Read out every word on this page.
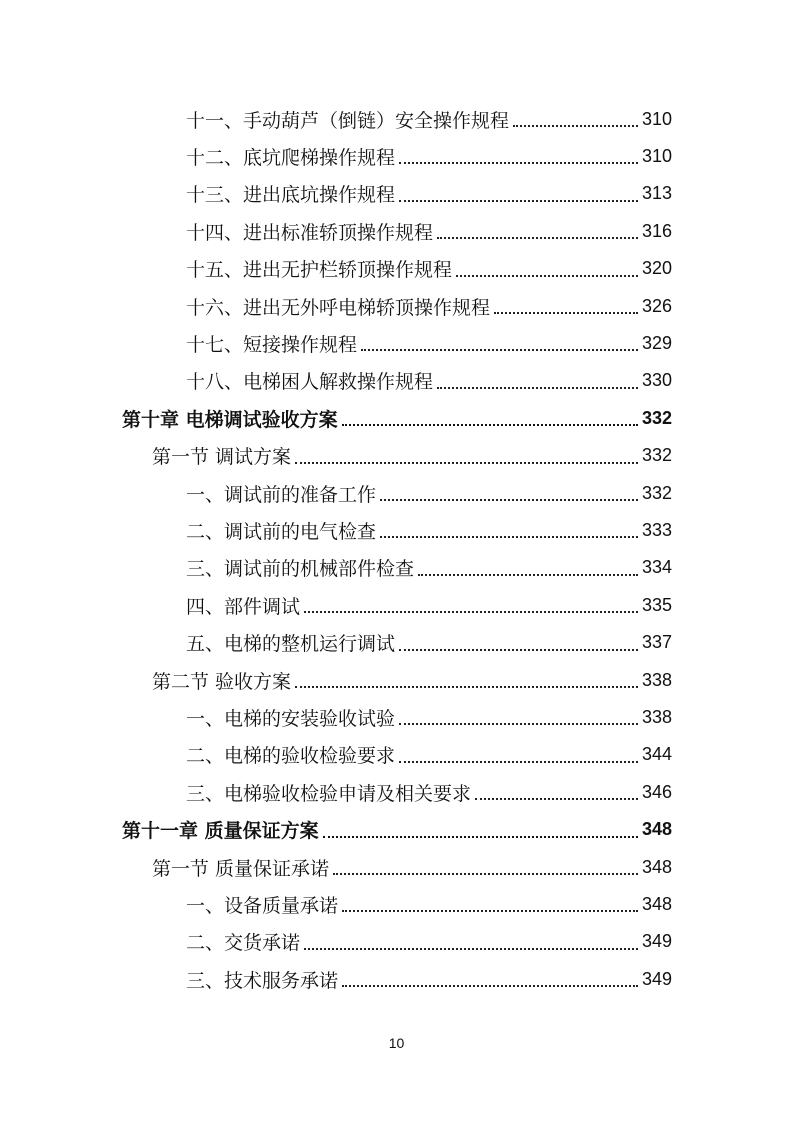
十一、手动葫芦（倒链）安全操作规程	310
十二、底坑爬梯操作规程	310
十三、进出底坑操作规程	313
十四、进出标准轿顶操作规程	316
十五、进出无护栏轿顶操作规程	320
十六、进出无外呼电梯轿顶操作规程	326
十七、短接操作规程	329
十八、电梯困人解救操作规程	330
第十章 电梯调试验收方案	332
第一节 调试方案	332
一、调试前的准备工作	332
二、调试前的电气检查	333
三、调试前的机械部件检查	334
四、部件调试	335
五、电梯的整机运行调试	337
第二节 验收方案	338
一、电梯的安装验收试验	338
二、电梯的验收检验要求	344
三、电梯验收检验申请及相关要求	346
第十一章 质量保证方案	348
第一节 质量保证承诺	348
一、设备质量承诺	348
二、交货承诺	349
三、技术服务承诺	349
10
